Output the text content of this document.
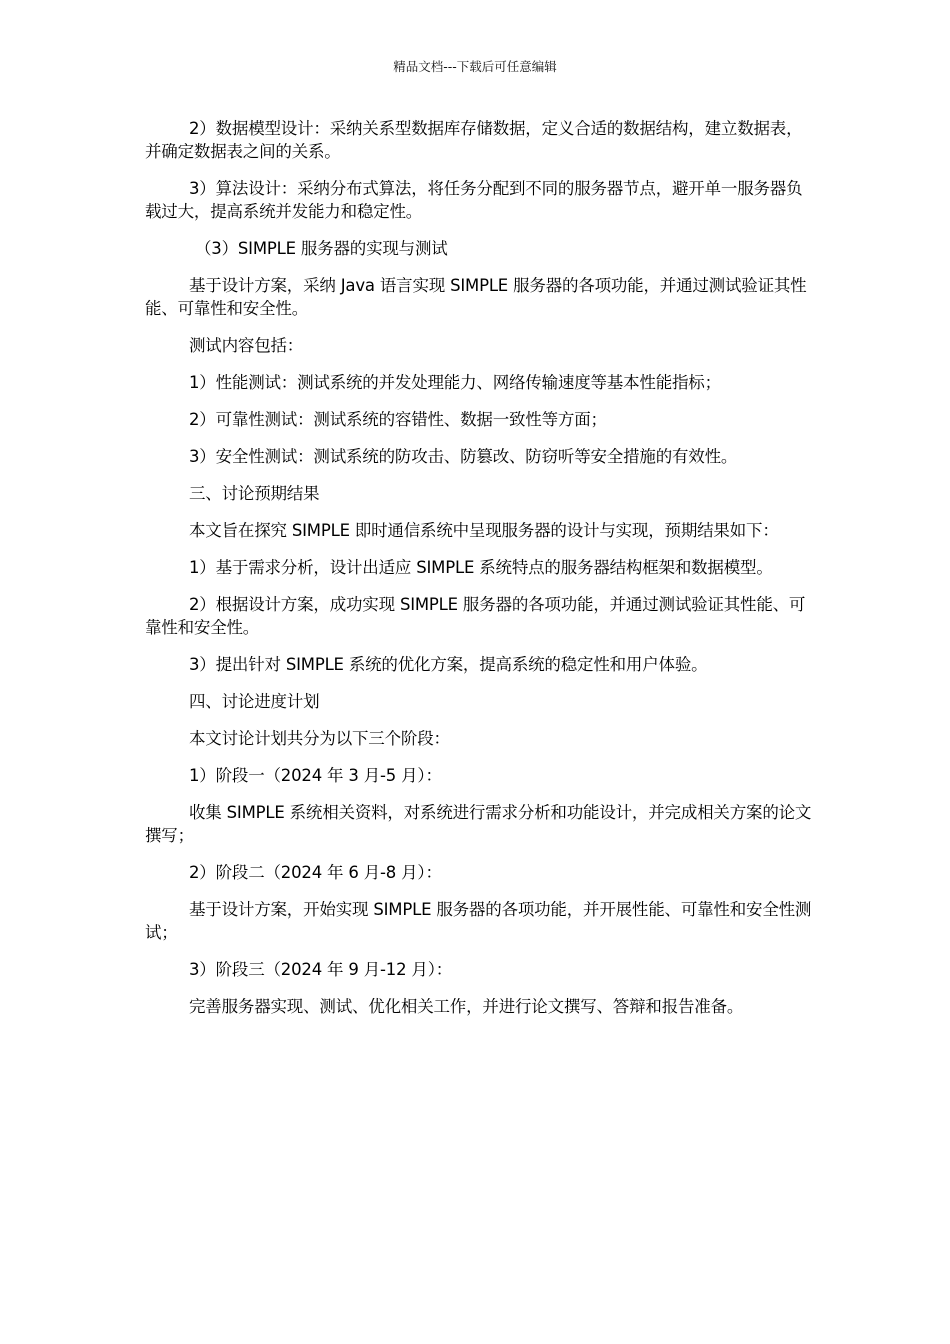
精品文档---下载后可任意编辑

2）数据模型设计：采纳关系型数据库存储数据，定义合适的数据结构，建立数据表，并确定数据表之间的关系。

3）算法设计：采纳分布式算法，将任务分配到不同的服务器节点，避开单一服务器负载过大，提高系统并发能力和稳定性。

（3）SIMPLE 服务器的实现与测试

基于设计方案，采纳 Java 语言实现 SIMPLE 服务器的各项功能，并通过测试验证其性能、可靠性和安全性。

测试内容包括：

1）性能测试：测试系统的并发处理能力、网络传输速度等基本性能指标；

2）可靠性测试：测试系统的容错性、数据一致性等方面；

3）安全性测试：测试系统的防攻击、防篡改、防窃听等安全措施的有效性。

三、讨论预期结果

本文旨在探究 SIMPLE 即时通信系统中呈现服务器的设计与实现，预期结果如下：

1）基于需求分析，设计出适应 SIMPLE 系统特点的服务器结构框架和数据模型。

2）根据设计方案，成功实现 SIMPLE 服务器的各项功能，并通过测试验证其性能、可靠性和安全性。

3）提出针对 SIMPLE 系统的优化方案，提高系统的稳定性和用户体验。

四、讨论进度计划

本文讨论计划共分为以下三个阶段：

1）阶段一（2024 年 3 月-5 月）：

收集 SIMPLE 系统相关资料，对系统进行需求分析和功能设计，并完成相关方案的论文撰写；

2）阶段二（2024 年 6 月-8 月）：

基于设计方案，开始实现 SIMPLE 服务器的各项功能，并开展性能、可靠性和安全性测试；

3）阶段三（2024 年 9 月-12 月）：

完善服务器实现、测试、优化相关工作，并进行论文撰写、答辩和报告准备。
